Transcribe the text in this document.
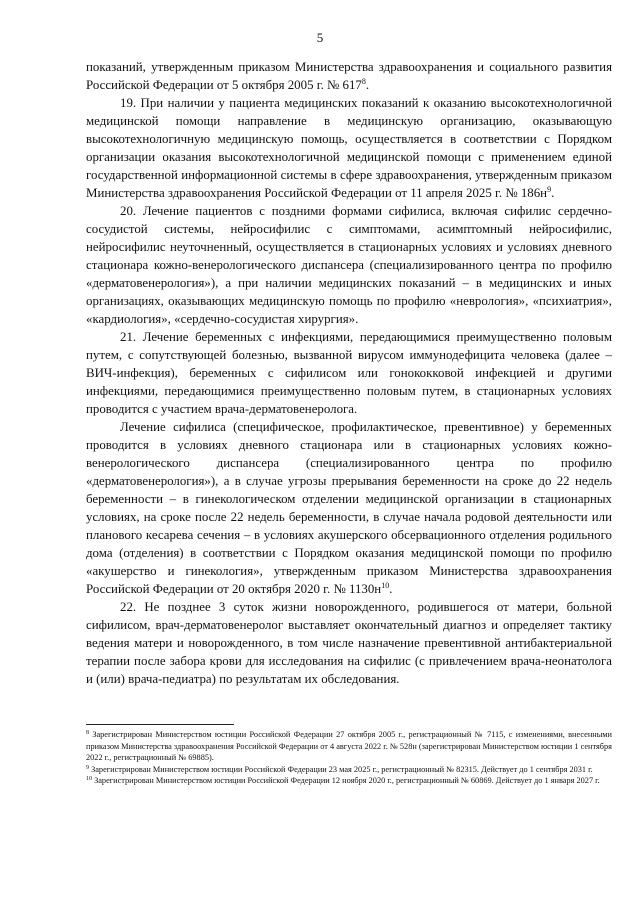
5

показаний, утвержденным приказом Министерства здравоохранения и социального развития Российской Федерации от 5 октября 2005 г. № $617^8$.

19. При наличии у пациента медицинских показаний к оказанию высокотехнологичной медицинской помощи направление в медицинскую организацию, оказывающую высокотехнологичную медицинскую помощь, осуществляется в соответствии с Порядком организации оказания высокотехнологичной медицинской помощи с применением единой государственной информационной системы в сфере здравоохранения, утвержденным приказом Министерства здравоохранения Российской Федерации от 11 апреля 2025 г. № $186н^9$.

20. Лечение пациентов с поздними формами сифилиса, включая сифилис сердечно-сосудистой системы, нейросифилис с симптомами, асимптомный нейросифилис, нейросифилис неуточненный, осуществляется в стационарных условиях и условиях дневного стационара кожно-венерологического диспансера (специализированного центра по профилю «дерматовенерология»), а при наличии медицинских показаний – в медицинских и иных организациях, оказывающих медицинскую помощь по профилю «неврология», «психиатрия», «кардиология», «сердечно-сосудистая хирургия».

21. Лечение беременных с инфекциями, передающимися преимущественно половым путем, с сопутствующей болезнью, вызванной вирусом иммунодефицита человека (далее – ВИЧ-инфекция), беременных с сифилисом или гонококковой инфекцией и другими инфекциями, передающимися преимущественно половым путем, в стационарных условиях проводится с участием врача-дерматовенеролога.

Лечение сифилиса (специфическое, профилактическое, превентивное) у беременных проводится в условиях дневного стационара или в стационарных условиях кожно-венерологического диспансера (специализированного центра по профилю «дерматовенерология»), а в случае угрозы прерывания беременности на сроке до 22 недель беременности – в гинекологическом отделении медицинской организации в стационарных условиях, на сроке после 22 недель беременности, в случае начала родовой деятельности или планового кесарева сечения – в условиях акушерского обсервационного отделения родильного дома (отделения) в соответствии с Порядком оказания медицинской помощи по профилю «акушерство и гинекология», утвержденным приказом Министерства здравоохранения Российской Федерации от 20 октября 2020 г. № $1130н^{10}$.

22. Не позднее 3 суток жизни новорожденного, родившегося от матери, больной сифилисом, врач-дерматовенеролог выставляет окончательный диагноз и определяет тактику ведения матери и новорожденного, в том числе назначение превентивной антибактериальной терапии после забора крови для исследования на сифилис (с привлечением врача-неонатолога и (или) врача-педиатра) по результатам их обследования.

$^8$ Зарегистрирован Министерством юстиции Российской Федерации 27 октября 2005 г., регистрационный № 7115, с изменениями, внесенными приказом Министерства здравоохранения Российской Федерации от 4 августа 2022 г. № 528н (зарегистрирован Министерством юстиции 1 сентября 2022 г., регистрационный № 69885).

$^9$ Зарегистрирован Министерством юстиции Российской Федерации 23 мая 2025 г., регистрационный № 82315. Действует до 1 сентября 2031 г.

$^{10}$ Зарегистрирован Министерством юстиции Российской Федерации 12 ноября 2020 г., регистрационный № 60869. Действует до 1 января 2027 г.
